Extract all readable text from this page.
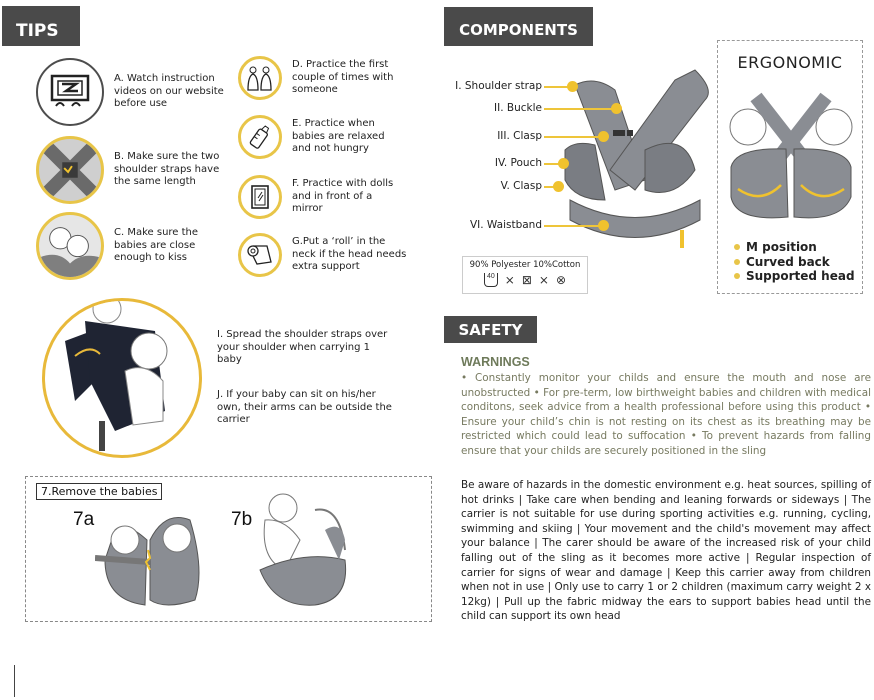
TIPS
A. Watch instruction videos on our website before use
B. Make sure the two shoulder straps have the same length
C. Make sure the babies are close enough to kiss
D. Practice the first couple of times with someone
E. Practice when babies are relaxed and not hungry
F. Practice with dolls and in front of a mirror
G.Put a ‘roll’ in the neck if the head needs extra support
I. Spread the shoulder straps over your shoulder when carrying 1 baby
J. If your baby can sit on his/her own, their arms can be outside the carrier
7.Remove the babies
7a	7b
COMPONENTS
I. Shoulder strap
II. Buckle
III. Clasp
IV. Pouch
V. Clasp
VI. Waistband
90% Polyester 10%Cotton
40 ⨯ ⊠ ⨯ ⊗
ERGONOMIC
M position
Curved back
Supported head
SAFETY
WARNINGS
• Constantly monitor your childs and ensure the mouth and nose are unobstructed • For pre-term, low birthweight babies and children with medical conditons, seek advice from a health professional before using this product • Ensure your child’s chin is not resting on its chest as its breathing may be restricted which could lead to suffocation • To prevent hazards from falling ensure that your childs are securely positioned in the sling
Be aware of hazards in the domestic environment e.g. heat sources, spilling of hot drinks | Take care when bending and leaning forwards or sideways | The carrier is not suitable for use during sporting activities e.g. running, cycling, swimming and skiing | Your movement and the child's movement may affect your balance | The carer should be aware of the increased risk of your child falling out of the sling as it becomes more active | Regular inspection of carrier for signs of wear and damage | Keep this carrier away from children when not in use | Only use to carry 1 or 2 children (maximum carry weight 2 x 12kg) | Pull up the fabric midway the ears to support babies head until the child can support its own head
